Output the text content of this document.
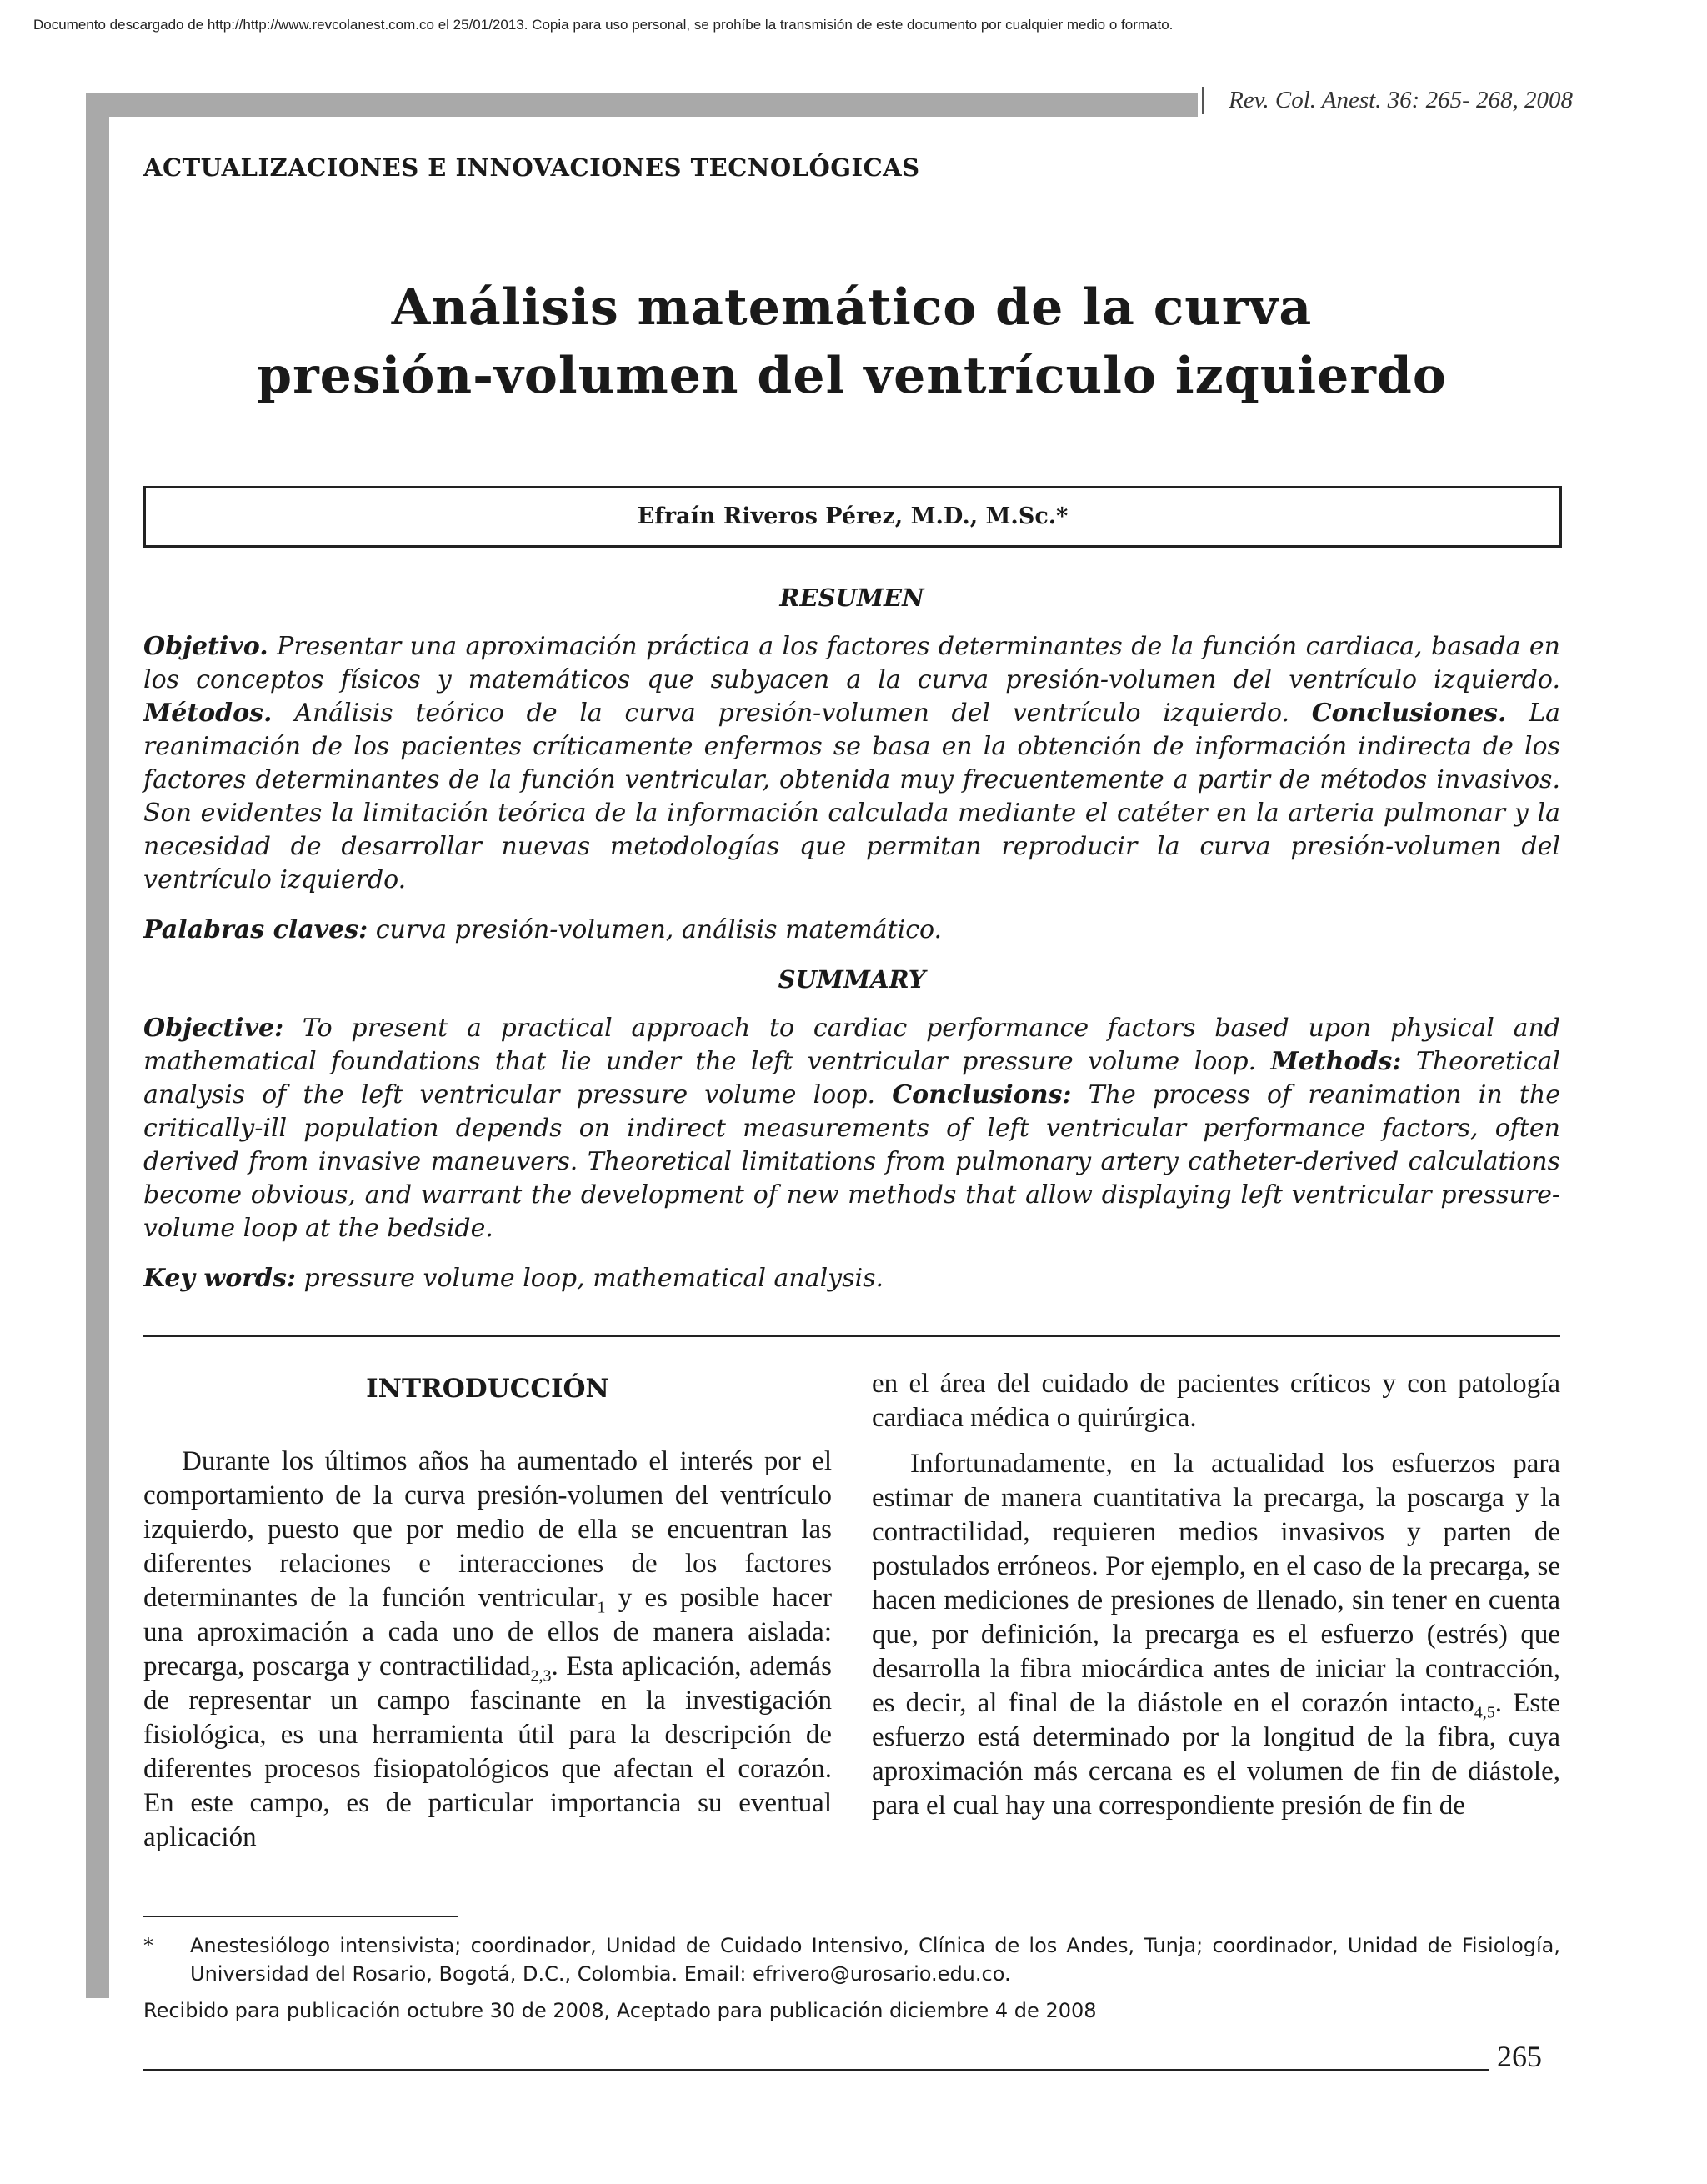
Documento descargado de http://http://www.revcolanest.com.co el 25/01/2013. Copia para uso personal, se prohíbe la transmisión de este documento por cualquier medio o formato.
Rev. Col. Anest. 36: 265- 268, 2008
ACTUALIZACIONES E INNOVACIONES TECNOLÓGICAS
Análisis matemático de la curva
presión-volumen del ventrículo izquierdo
Efraín Riveros Pérez, M.D., M.Sc.*
RESUMEN

Objetivo. Presentar una aproximación práctica a los factores determinantes de la función cardiaca, basada en los conceptos físicos y matemáticos que subyacen a la curva presión-volumen del ventrículo izquierdo. Métodos. Análisis teórico de la curva presión-volumen del ventrículo izquierdo. Conclusiones. La reanimación de los pacientes críticamente enfermos se basa en la obtención de información indirecta de los factores determinantes de la función ventricular, obtenida muy frecuentemente a partir de métodos invasivos. Son evidentes la limitación teórica de la información calculada mediante el catéter en la arteria pulmonar y la necesidad de desarrollar nuevas metodologías que permitan reproducir la curva presión-volumen del ventrículo izquierdo.

Palabras claves: curva presión-volumen, análisis matemático.

SUMMARY

Objective: To present a practical approach to cardiac performance factors based upon physical and mathematical foundations that lie under the left ventricular pressure volume loop. Methods: Theoretical analysis of the left ventricular pressure volume loop. Conclusions: The process of reanimation in the critically-ill population depends on indirect measurements of left ventricular performance factors, often derived from invasive maneuvers. Theoretical limitations from pulmonary artery catheter-derived calculations become obvious, and warrant the development of new methods that allow displaying left ventricular pressure-volume loop at the bedside.

Key words: pressure volume loop, mathematical analysis.

INTRODUCCIÓN

Durante los últimos años ha aumentado el interés por el comportamiento de la curva presión-volumen del ventrículo izquierdo, puesto que por medio de ella se encuentran las diferentes relaciones e interacciones de los factores determinantes de la función ventricular$_1$ y es posible hacer una aproximación a cada uno de ellos de manera aislada: precarga, poscarga y contractilidad$_{2,3}$. Esta aplicación, además de representar un campo fascinante en la investigación fisiológica, es una herramienta útil para la descripción de diferentes procesos fisiopatológicos que afectan el corazón. En este campo, es de particular importancia su eventual aplicación

en el área del cuidado de pacientes críticos y con patología cardiaca médica o quirúrgica.

Infortunadamente, en la actualidad los esfuerzos para estimar de manera cuantitativa la precarga, la poscarga y la contractilidad, requieren medios invasivos y parten de postulados erróneos. Por ejemplo, en el caso de la precarga, se hacen mediciones de presiones de llenado, sin tener en cuenta que, por definición, la precarga es el esfuerzo (estrés) que desarrolla la fibra miocárdica antes de iniciar la contracción, es decir, al final de la diástole en el corazón intacto$_{4,5}$. Este esfuerzo está determinado por la longitud de la fibra, cuya aproximación más cercana es el volumen de fin de diástole, para el cual hay una correspondiente presión de fin de

* Anestesiólogo intensivista; coordinador, Unidad de Cuidado Intensivo, Clínica de los Andes, Tunja; coordinador, Unidad de Fisiología, Universidad del Rosario, Bogotá, D.C., Colombia. Email: efrivero@urosario.edu.co.
Recibido para publicación octubre 30 de 2008, Aceptado para publicación diciembre 4 de 2008
265
